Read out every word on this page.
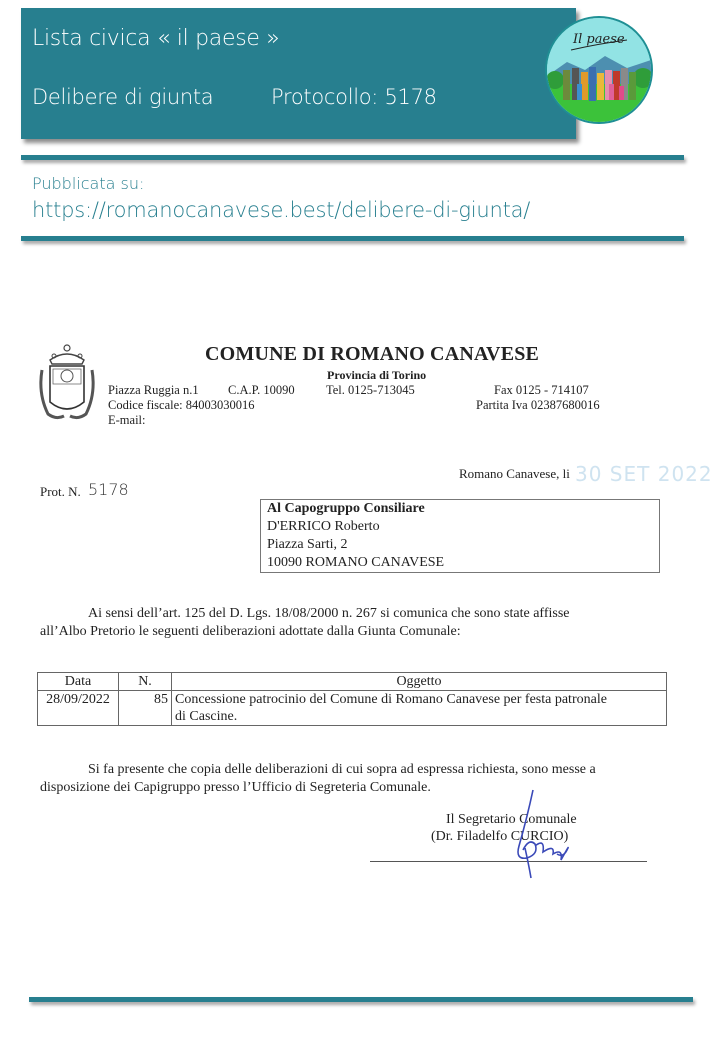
Lista civica « il paese »
Delibere di giunta	Protocollo: 5178
Il paese
Pubblicata su:
https://romanocanavese.best/delibere-di-giunta/
COMUNE DI ROMANO CANAVESE
Provincia di Torino
Piazza Ruggia n.1 C.A.P. 10090	Tel. 0125-713045	Fax 0125 - 714107
Codice fiscale: 84003030016	Partita Iva 02387680016
E-mail:
Romano Canavese, li 30 SET 2022
Prot. N. 5178
Al Capogruppo Consiliare
D'ERRICO Roberto
Piazza Sarti, 2
10090 ROMANO CANAVESE
Ai sensi dell’art. 125 del D. Lgs. 18/08/2000 n. 267 si comunica che sono state affisse
all’Albo Pretorio le seguenti deliberazioni adottate dalla Giunta Comunale:
Data	N.	Oggetto
28/09/2022	85	Concessione patrocinio del Comune di Romano Canavese per festa patronale
di Cascine.
Si fa presente che copia delle deliberazioni di cui sopra ad espressa richiesta, sono messe a
disposizione dei Capigruppo presso l’Ufficio di Segreteria Comunale.
Il Segretario Comunale
(Dr. Filadelfo CURCIO)
